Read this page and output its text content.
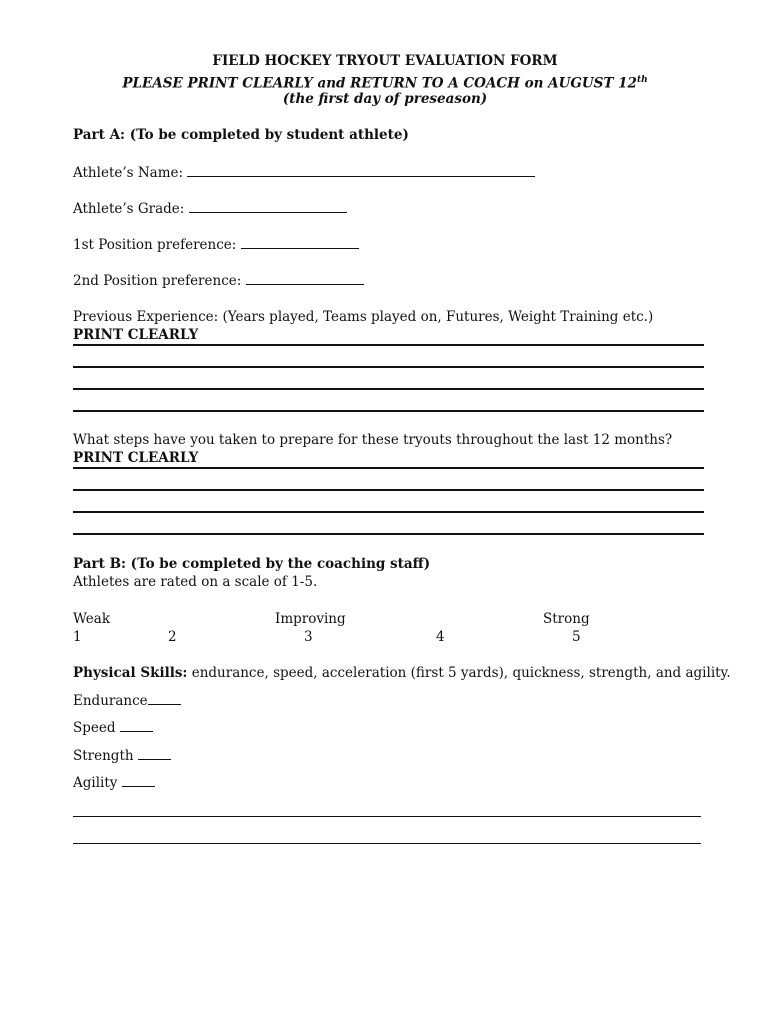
FIELD HOCKEY TRYOUT EVALUATION FORM
PLEASE PRINT CLEARLY and RETURN TO A COACH on AUGUST 12th
(the first day of preseason)
Part A: (To be completed by student athlete)
Athlete’s Name:
Athlete’s Grade:
1st Position preference:
2nd Position preference:
Previous Experience: (Years played, Teams played on, Futures, Weight Training etc.) PRINT CLEARLY
What steps have you taken to prepare for these tryouts throughout the last 12 months? PRINT CLEARLY
Part B: (To be completed by the coaching staff)
Athletes are rated on a scale of 1-5.
Weak	Improving	Strong
1	2	3	4	5
Physical Skills: endurance, speed, acceleration (first 5 yards), quickness, strength, and agility.
Endurance
Speed
Strength
Agility
